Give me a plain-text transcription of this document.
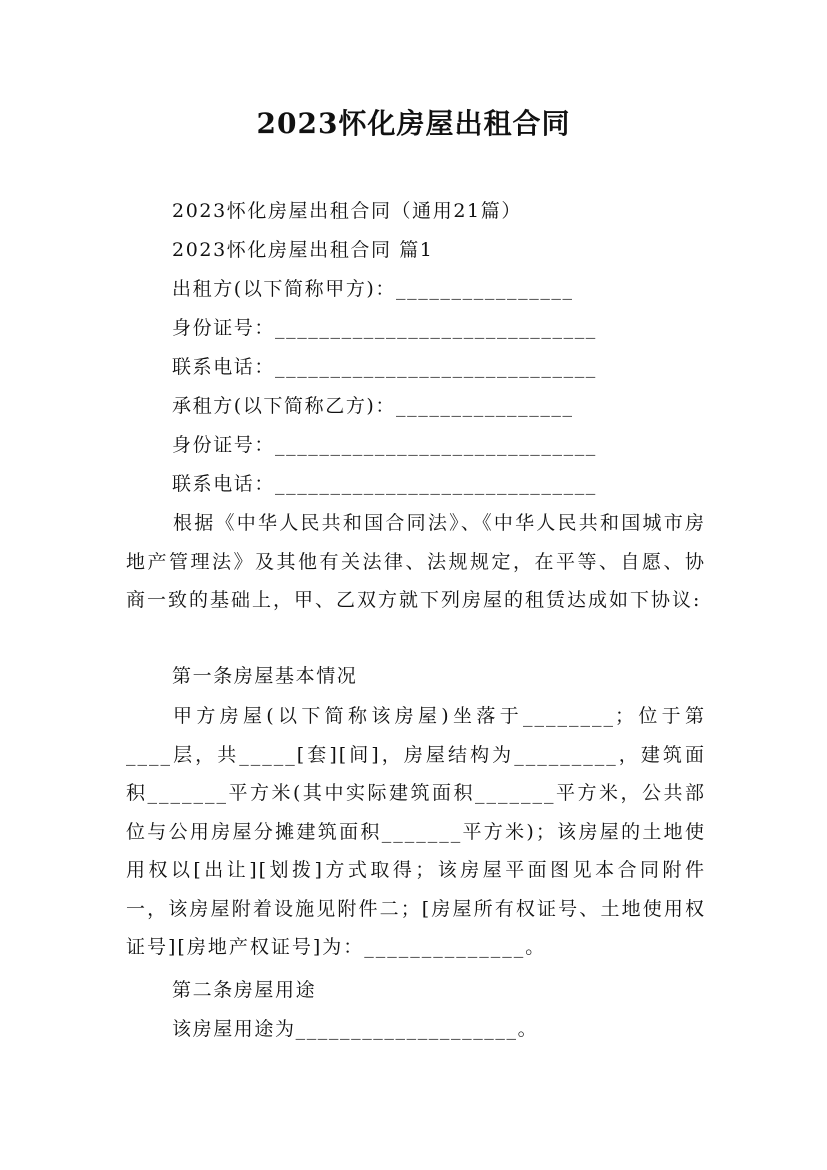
2023怀化房屋出租合同
2023怀化房屋出租合同（通用21篇）
2023怀化房屋出租合同 篇1
出租方(以下简称甲方)：________________
身份证号：_____________________________
联系电话：_____________________________
承租方(以下简称乙方)：________________
身份证号：_____________________________
联系电话：_____________________________
根据《中华人民共和国合同法》、《中华人民共和国城市房地产管理法》及其他有关法律、法规规定，在平等、自愿、协商一致的基础上，甲、乙双方就下列房屋的租赁达成如下协议:
第一条房屋基本情况
甲方房屋(以下简称该房屋)坐落于________；位于第____层，共_____[套][间]，房屋结构为_________，建筑面积_______平方米(其中实际建筑面积_______平方米，公共部位与公用房屋分摊建筑面积_______平方米)；该房屋的土地使用权以[出让][划拨]方式取得；该房屋平面图见本合同附件一，该房屋附着设施见附件二；[房屋所有权证号、土地使用权证号][房地产权证号]为：______________。
第二条房屋用途
该房屋用途为____________________。
